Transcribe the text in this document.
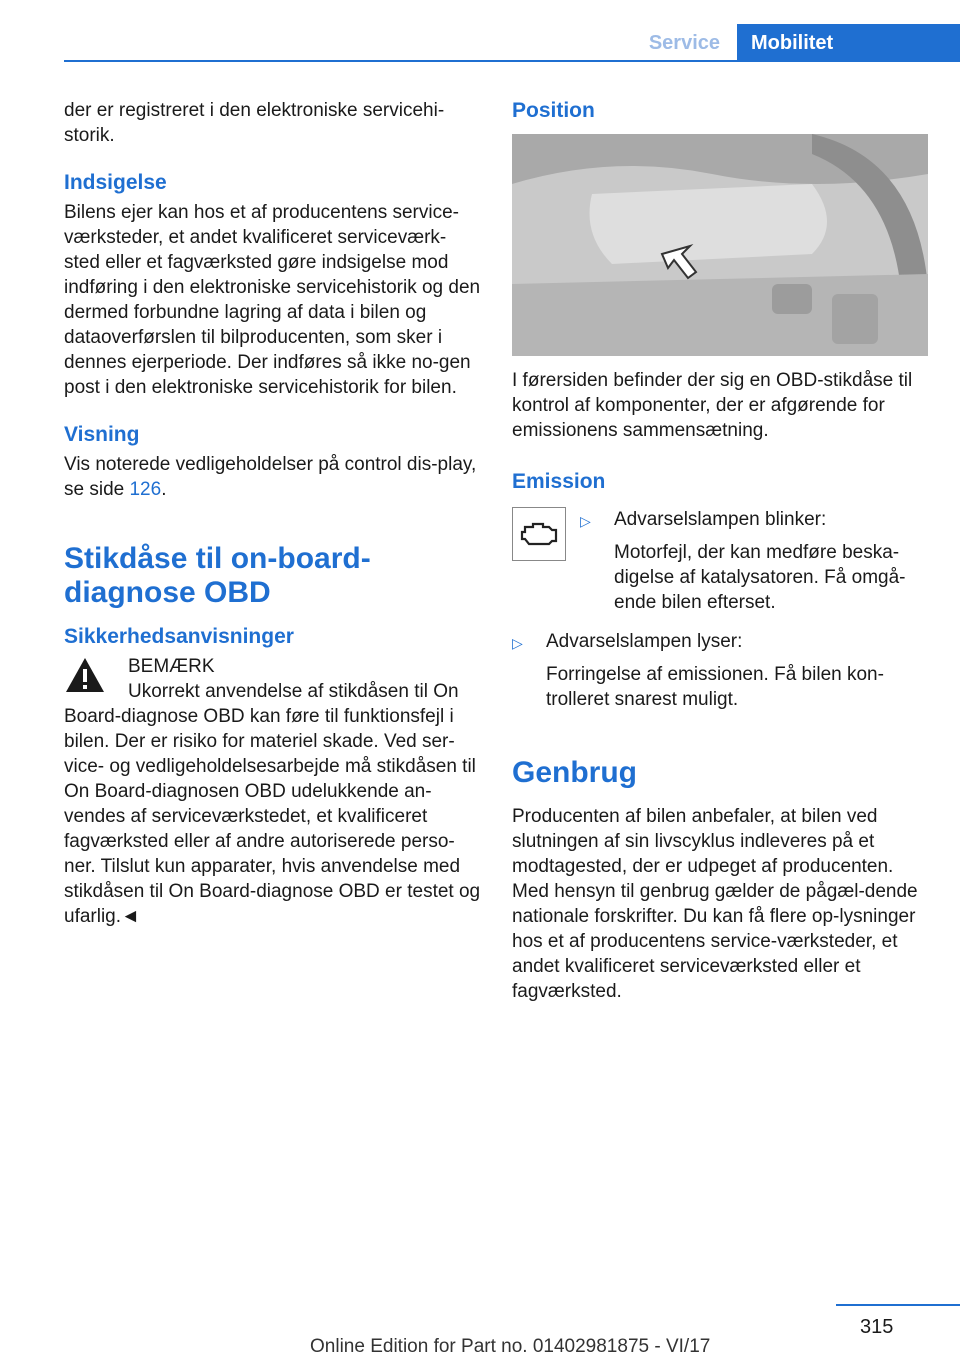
Service	Mobilitet

der er registreret i den elektroniske servicehi-storik.

Indsigelse

Bilens ejer kan hos et af producentens service-værksteder, et andet kvalificeret serviceværk-sted eller et fagværksted gøre indsigelse mod indføring i den elektroniske servicehistorik og den dermed forbundne lagring af data i bilen og dataoverførslen til bilproducenten, som sker i dennes ejerperiode. Der indføres så ikke no-gen post i den elektroniske servicehistorik for bilen.

Visning

Vis noterede vedligeholdelser på control dis-play, se side 126.

Stikdåse til on-board-diagnose OBD
Sikkerhedsanvisninger
BEMÆRK
Ukorrekt anvendelse af stikdåsen til On
Board-diagnose OBD kan føre til funktionsfejl i bilen. Der er risiko for materiel skade. Ved ser-vice- og vedligeholdelsesarbejde må stikdåsen til On Board-diagnosen OBD udelukkende an-vendes af serviceværkstedet, et kvalificeret fagværksted eller af andre autoriserede perso-ner. Tilslut kun apparater, hvis anvendelse med stikdåsen til On Board-diagnose OBD er testet og ufarlig.◄
Position

I førersiden befinder der sig en OBD-stikdåse til kontrol af komponenter, der er afgørende for emissionens sammensætning.

Emission
▷	Advarselslampen blinker:
Motorfejl, der kan medføre beska-digelse af katalysatoren. Få omgå-ende bilen efterset.
▷	Advarselslampen lyser:
Forringelse af emissionen. Få bilen kon-trolleret snarest muligt.
Genbrug

Producenten af bilen anbefaler, at bilen ved slutningen af sin livscyklus indleveres på et modtagested, der er udpeget af producenten. Med hensyn til genbrug gælder de pågæl-dende nationale forskrifter. Du kan få flere op-lysninger hos et af producentens service-værksteder, et andet kvalificeret serviceværksted eller et fagværksted.

315
Online Edition for Part no. 01402981875 - VI/17
